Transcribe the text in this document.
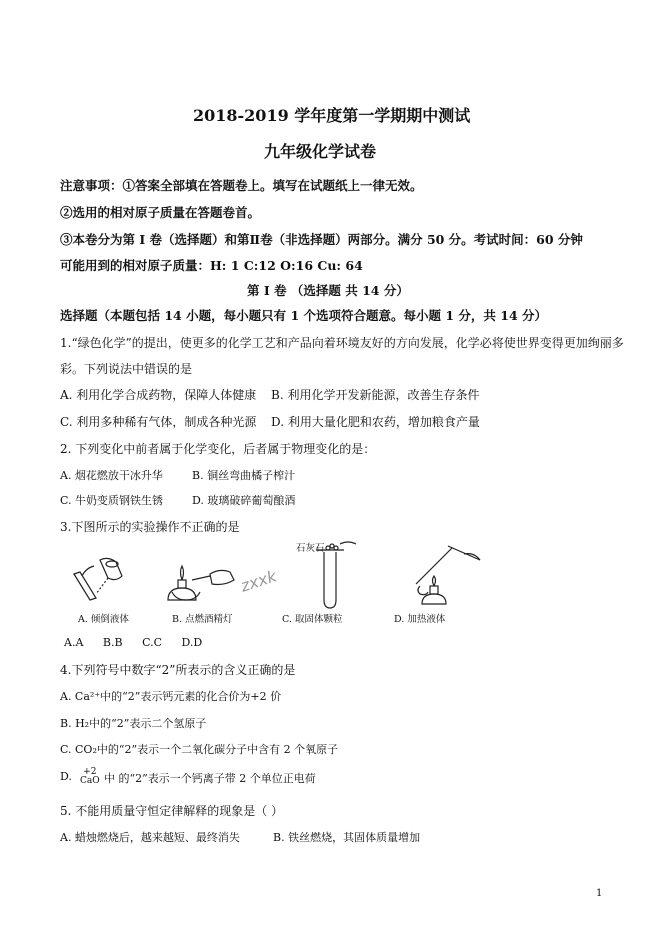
2018-2019 学年度第一学期期中测试
九年级化学试卷
注意事项：①答案全部填在答题卷上。填写在试题纸上一律无效。
②选用的相对原子质量在答题卷首。
③本卷分为第 I 卷（选择题）和第Ⅱ卷（非选择题）两部分。满分 50 分。考试时间：60 分钟
可能用到的相对原子质量：H: 1 C:12 O:16 Cu: 64
第 I 卷 （选择题 共 14 分）
选择题（本题包括 14 小题，每小题只有 1 个选项符合题意。每小题 1 分，共 14 分）
1.“绿色化学”的提出，使更多的化学工艺和产品向着环境友好的方向发展，化学必将使世界变得更加绚丽多
彩。下列说法中错误的是
A. 利用化学合成药物，保障人体健康 B. 利用化学开发新能源，改善生存条件
C. 利用多种稀有气体，制成各种光源 D. 利用大量化肥和农药，增加粮食产量
2. 下列变化中前者属于化学变化，后者属于物理变化的是：
A. 烟花燃放干冰升华	B. 铜丝弯曲橘子榨汁
C. 牛奶变质钢铁生锈	D. 玻璃破碎葡萄酿酒
3.下图所示的实验操作不正确的是
zxxk
石灰石
A. 倾倒液体	B. 点燃酒精灯	C. 取固体颗粒	D. 加热液体
A.A B.B C.C D.D
4.下列符号中数字“2”所表示的含义正确的是
A. Ca²⁺中的“2”表示钙元素的化合价为+2 价
B. H₂中的“2”表示二个氢原子
C. CO₂中的“2”表示一个二氧化碳分子中含有 2 个氧原子
D.	+2
CaO 中 的“2”表示一个钙离子带 2 个单位正电荷
5. 不能用质量守恒定律解释的现象是（ ）
A. 蜡烛燃烧后，越来越短、最终消失	B. 铁丝燃烧，其固体质量增加
1
